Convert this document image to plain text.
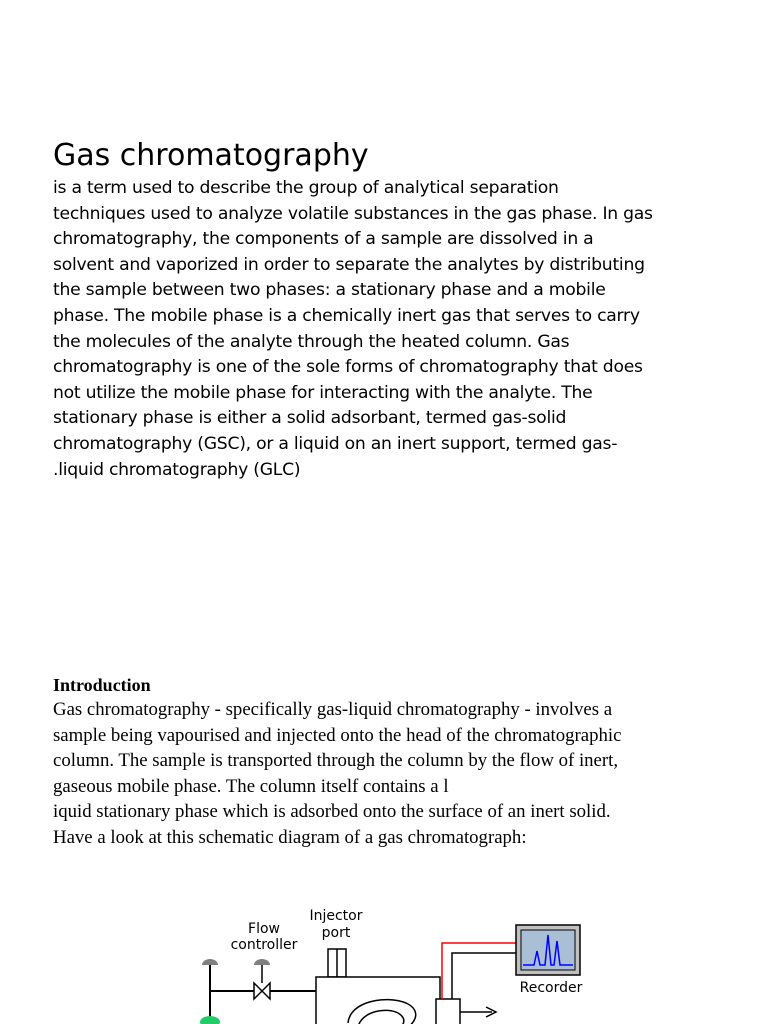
Gas chromatography
is a term used to describe the group of analytical separation
techniques used to analyze volatile substances in the gas phase. In gas
chromatography, the components of a sample are dissolved in a
solvent and vaporized in order to separate the analytes by distributing
the sample between two phases: a stationary phase and a mobile
phase. The mobile phase is a chemically inert gas that serves to carry
the molecules of the analyte through the heated column. Gas
chromatography is one of the sole forms of chromatography that does
not utilize the mobile phase for interacting with the analyte. The
stationary phase is either a solid adsorbant, termed gas-solid
chromatography (GSC), or a liquid on an inert support, termed gas-
.liquid chromatography (GLC)
Introduction
Gas chromatography - specifically gas-liquid chromatography - involves a
sample being vapourised and injected onto the head of the chromatographic
column. The sample is transported through the column by the flow of inert,
gaseous mobile phase. The column itself contains a l
iquid stationary phase which is adsorbed onto the surface of an inert solid.
Have a look at this schematic diagram of a gas chromatograph:
Flow
controller
Injector
port
Recorder
